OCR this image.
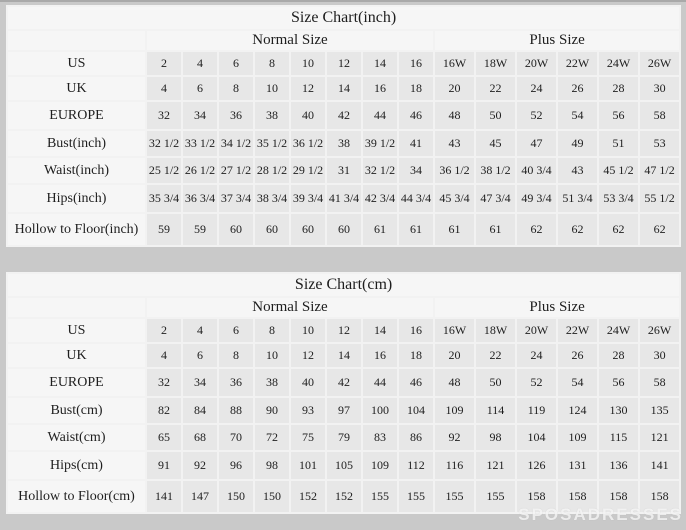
Size Chart(inch)														
	Normal Size								Plus Size					
US	2	4	6	8	10	12	14	16	16W	18W	20W	22W	24W	26W
UK	4	6	8	10	12	14	16	18	20	22	24	26	28	30
EUROPE	32	34	36	38	40	42	44	46	48	50	52	54	56	58
Bust(inch)	32 1/2	33 1/2	34 1/2	35 1/2	36 1/2	38	39 1/2	41	43	45	47	49	51	53
Waist(inch)	25 1/2	26 1/2	27 1/2	28 1/2	29 1/2	31	32 1/2	34	36 1/2	38 1/2	40 3/4	43	45 1/2	47 1/2
Hips(inch)	35 3/4	36 3/4	37 3/4	38 3/4	39 3/4	41 3/4	42 3/4	44 3/4	45 3/4	47 3/4	49 3/4	51 3/4	53 3/4	55 1/2
Hollow to Floor(inch)	59	59	60	60	60	60	61	61	61	61	62	62	62	62
Size Chart(cm)														
	Normal Size								Plus Size					
US	2	4	6	8	10	12	14	16	16W	18W	20W	22W	24W	26W
UK	4	6	8	10	12	14	16	18	20	22	24	26	28	30
EUROPE	32	34	36	38	40	42	44	46	48	50	52	54	56	58
Bust(cm)	82	84	88	90	93	97	100	104	109	114	119	124	130	135
Waist(cm)	65	68	70	72	75	79	83	86	92	98	104	109	115	121
Hips(cm)	91	92	96	98	101	105	109	112	116	121	126	131	136	141
Hollow to Floor(cm)	141	147	150	150	152	152	155	155	155	155	158	158	158	158
SPOSADRESSES
